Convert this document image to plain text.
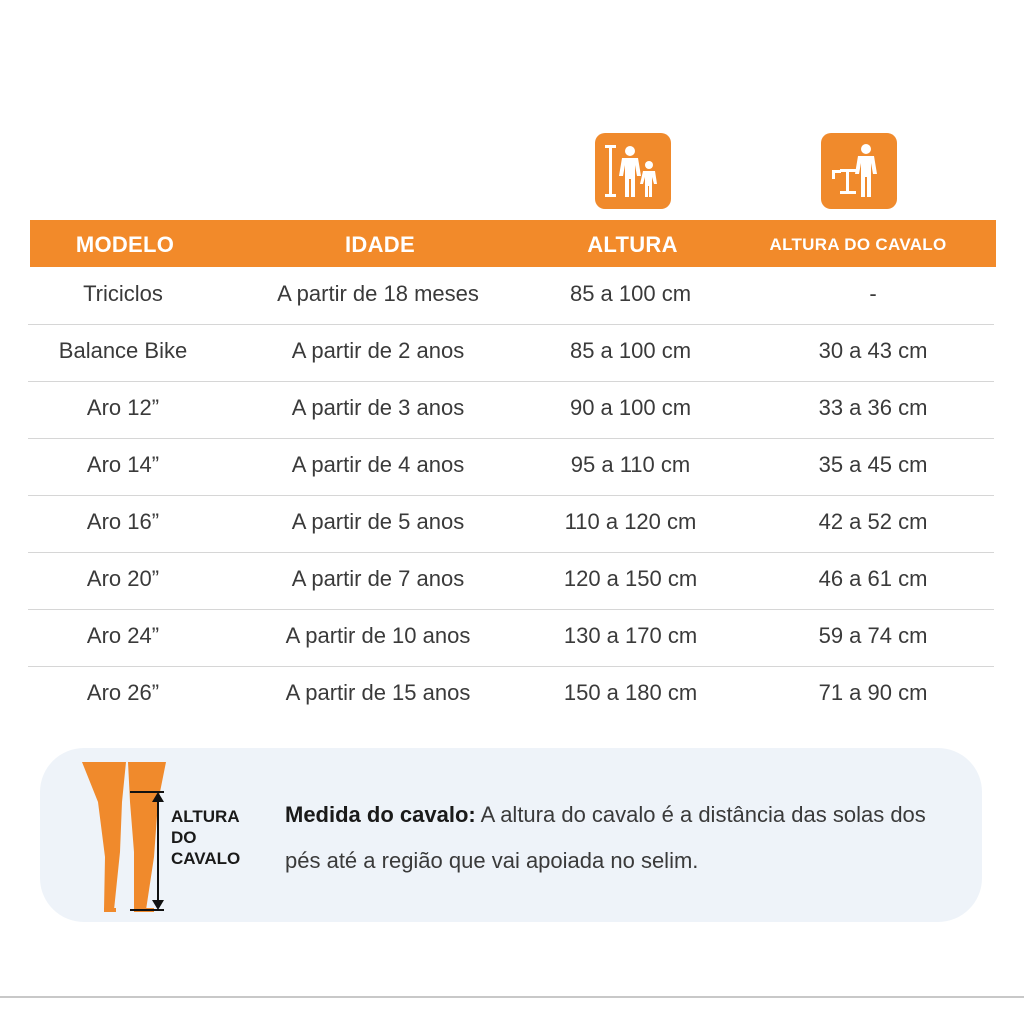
MODELO	IDADE	ALTURA	ALTURA DO CAVALO
Triciclos	A partir de 18 meses	85 a 100 cm	-
Balance Bike	A partir de 2 anos	85 a 100 cm	30 a 43 cm
Aro 12”	A partir de 3 anos	90 a 100 cm	33 a 36 cm
Aro 14”	A partir de 4 anos	95 a 110 cm	35 a 45 cm
Aro 16”	A partir de 5 anos	110 a 120 cm	42 a 52 cm
Aro 20”	A partir de 7 anos	120 a 150 cm	46 a 61 cm
Aro 24”	A partir de 10 anos	130 a 170 cm	59 a 74 cm
Aro 26”	A partir de 15 anos	150 a 180 cm	71 a 90 cm
ALTURA
DO
CAVALO
Medida do cavalo: A altura do cavalo é a distância das solas dos pés até a região que vai apoiada no selim.
